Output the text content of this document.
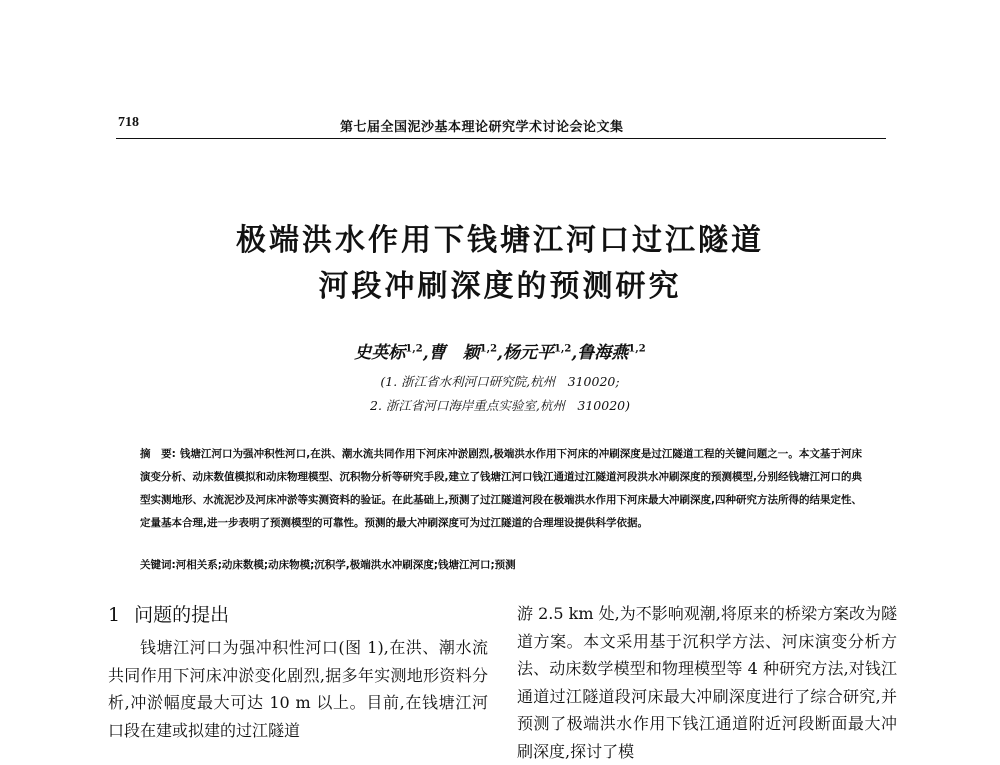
718	第七届全国泥沙基本理论研究学术讨论会论文集
极端洪水作用下钱塘江河口过江隧道
河段冲刷深度的预测研究
史英标$^{1,2}$,曹　颖$^{1,2}$,杨元平$^{1,2}$,鲁海燕$^{1,2}$
(1. 浙江省水利河口研究院,杭州　310020;
2. 浙江省河口海岸重点实验室,杭州　310020)
摘　要: 钱塘江河口为强冲积性河口,在洪、潮水流共同作用下河床冲淤剧烈,极端洪水作用下河床的冲刷深度是过江隧道工程的关键问题之一。本文基于河床演变分析、动床数值模拟和动床物理模型、沉积物分析等研究手段,建立了钱塘江河口钱江通道过江隧道河段洪水冲刷深度的预测模型,分别经钱塘江河口的典型实测地形、水流泥沙及河床冲淤等实测资料的验证。在此基础上,预测了过江隧道河段在极端洪水作用下河床最大冲刷深度,四种研究方法所得的结果定性、定量基本合理,进一步表明了预测模型的可靠性。预测的最大冲刷深度可为过江隧道的合理埋设提供科学依据。
关键词:河相关系;动床数模;动床物模;沉积学,极端洪水冲刷深度;钱塘江河口;预测
1 问题的提出
钱塘江河口为强冲积性河口(图 1),在洪、潮水流共同作用下河床冲淤变化剧烈,据多年实测地形资料分析,冲淤幅度最大可达 10 m 以上。目前,在钱塘江河口段在建或拟建的过江隧道
游 2.5 km 处,为不影响观潮,将原来的桥梁方案改为隧道方案。本文采用基于沉积学方法、河床演变分析方法、动床数学模型和物理模型等 4 种研究方法,对钱江通道过江隧道段河床最大冲刷深度进行了综合研究,并预测了极端洪水作用下钱江通道附近河段断面最大冲刷深度,探讨了模
